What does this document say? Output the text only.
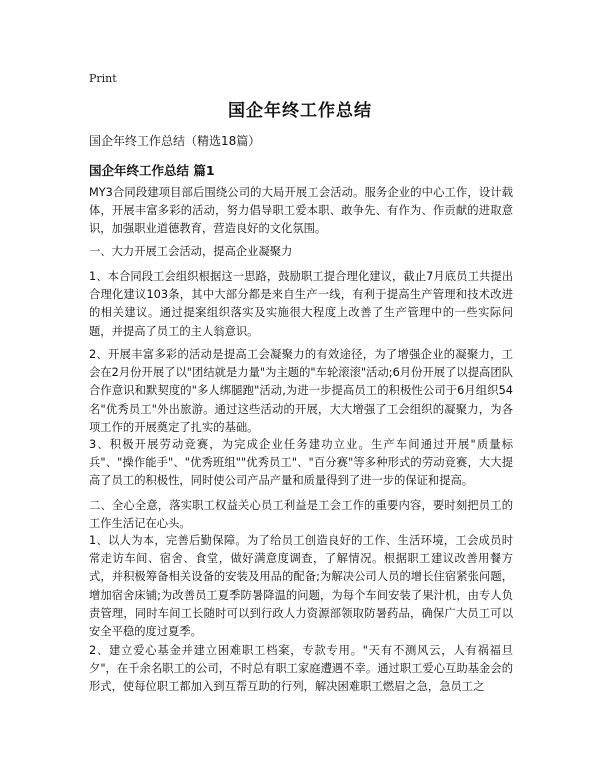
Print
国企年终工作总结
国企年终工作总结（精选18篇）
国企年终工作总结 篇1
MY3合同段建项目部后围绕公司的大局开展工会活动。服务企业的中心工作，设计载体，开展丰富多彩的活动，努力倡导职工爱本职、敢争先、有作为、作贡献的进取意识，加强职业道德教育，营造良好的文化氛围。
一、大力开展工会活动，提高企业凝聚力
1、本合同段工会组织根据这一思路，鼓励职工提合理化建议，截止7月底员工共提出合理化建议103条，其中大部分都是来自生产一线，有利于提高生产管理和技术改进的相关建议。通过提案组织落实及实施很大程度上改善了生产管理中的一些实际问题，并提高了员工的主人翁意识。
2、开展丰富多彩的活动是提高工会凝聚力的有效途径，为了增强企业的凝聚力，工会在2月份开展了以"团结就是力量"为主题的"车轮滚滚"活动;6月份开展了以提高团队合作意识和默契度的"多人绑腿跑"活动,为进一步提高员工的积极性公司于6月组织54名"优秀员工"外出旅游。通过这些活动的开展，大大增强了工会组织的凝聚力，为各项工作的开展奠定了扎实的基础。
3、积极开展劳动竞赛，为完成企业任务建功立业。生产车间通过开展"质量标兵"、"操作能手"、"优秀班组""优秀员工"、"百分赛"等多种形式的劳动竞赛，大大提高了员工的积极性，同时使公司产品产量和质量得到了进一步的保证和提高。
二、全心全意，落实职工权益关心员工利益是工会工作的重要内容，要时刻把员工的工作生活记在心头。
1、以人为本，完善后勤保障。为了给员工创造良好的工作、生活环境，工会成员时常走访车间、宿舍、食堂，做好满意度调查，了解情况。根据职工建议改善用餐方式，并积极筹备相关设备的安装及用品的配备;为解决公司人员的增长住宿紧张问题，增加宿舍床铺;为改善员工夏季防暑降温的问题，为每个车间安装了果汁机，由专人负责管理，同时车间工长随时可以到行政人力资源部领取防暑药品，确保广大员工可以安全平稳的度过夏季。
2、建立爱心基金并建立困难职工档案，专款专用。"天有不测风云，人有祸福旦夕"，在千余名职工的公司，不时总有职工家庭遭遇不幸。通过职工爱心互助基金会的形式，使每位职工都加入到互帮互助的行列，解决困难职工燃眉之急，急员工之
